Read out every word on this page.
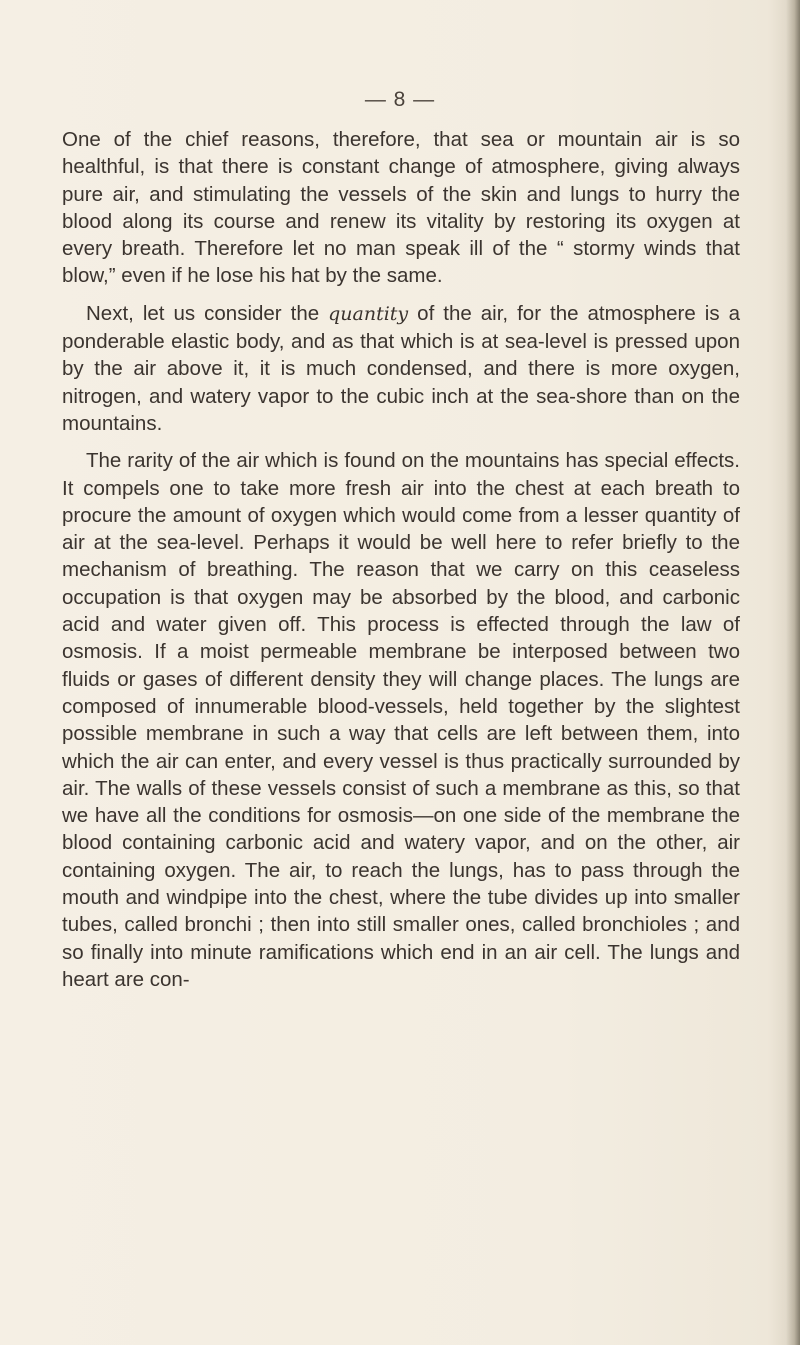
— 8 —

One of the chief reasons, therefore, that sea or mountain air is so healthful, is that there is constant change of atmosphere, giving always pure air, and stimulating the vessels of the skin and lungs to hurry the blood along its course and renew its vitality by restoring its oxygen at every breath. Therefore let no man speak ill of the “ stormy winds that blow,” even if he lose his hat by the same.

Next, let us consider the quantity of the air, for the atmosphere is a ponderable elastic body, and as that which is at sea-level is pressed upon by the air above it, it is much condensed, and there is more oxygen, nitrogen, and watery vapor to the cubic inch at the sea-shore than on the mountains.

The rarity of the air which is found on the mountains has special effects. It compels one to take more fresh air into the chest at each breath to procure the amount of oxygen which would come from a lesser quantity of air at the sea-level. Perhaps it would be well here to refer briefly to the mechanism of breathing. The reason that we carry on this ceaseless occupation is that oxygen may be absorbed by the blood, and carbonic acid and water given off. This process is effected through the law of osmosis. If a moist permeable membrane be interposed between two fluids or gases of different density they will change places. The lungs are composed of innumerable blood-vessels, held together by the slightest possible membrane in such a way that cells are left between them, into which the air can enter, and every vessel is thus practically surrounded by air. The walls of these vessels consist of such a membrane as this, so that we have all the conditions for osmosis—on one side of the membrane the blood containing carbonic acid and watery vapor, and on the other, air containing oxygen. The air, to reach the lungs, has to pass through the mouth and windpipe into the chest, where the tube divides up into smaller tubes, called bronchi ; then into still smaller ones, called bronchioles ; and so finally into minute ramifications which end in an air cell. The lungs and heart are con-
